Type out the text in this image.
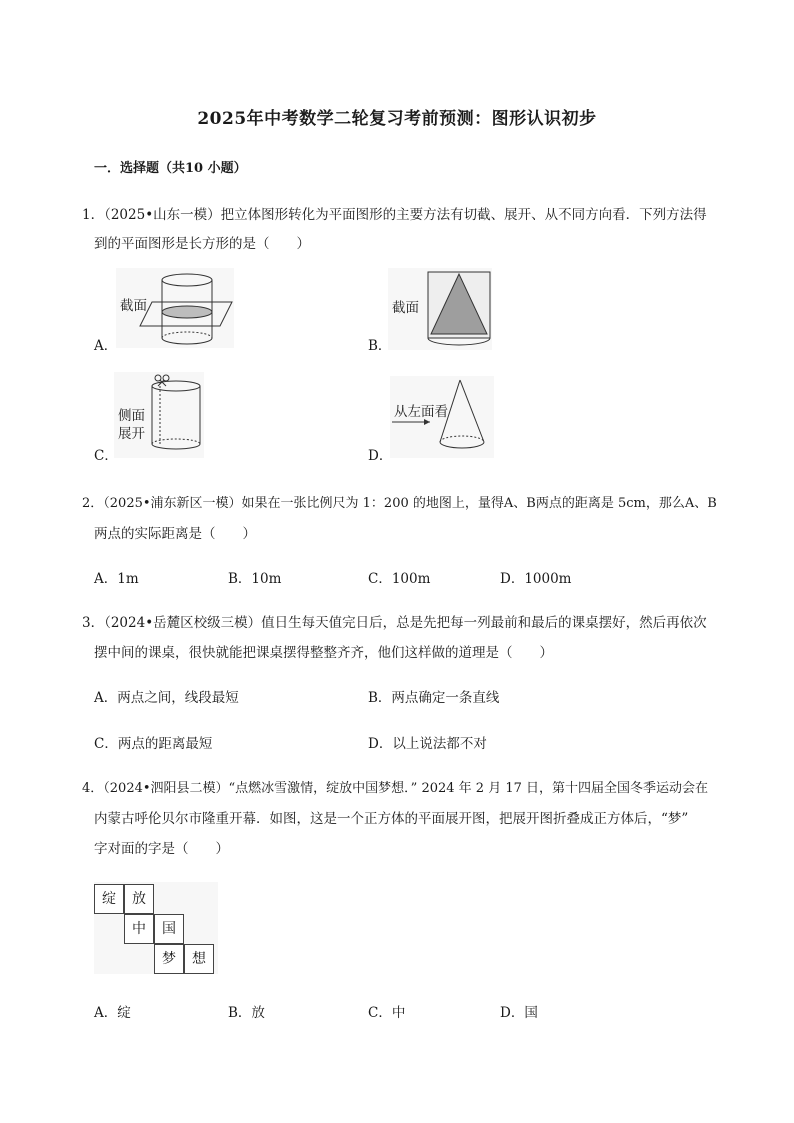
2025年中考数学二轮复习考前预测：图形认识初步
一．选择题（共10 小题）
1．（2025•山东一模）把立体图形转化为平面图形的主要方法有切截、展开、从不同方向看．下列方法得
到的平面图形是长方形的是（　　）
截面
A．
截面
B．
侧面
展开
C．
从左面看
D．
2．（2025•浦东新区一模）如果在一张比例尺为 1：200 的地图上，量得A、B两点的距离是 5cm，那么A、B
两点的实际距离是（　　）
A．1m	B．10m	C．100m	D．1000m
3．（2024•岳麓区校级三模）值日生每天值完日后，总是先把每一列最前和最后的课桌摆好，然后再依次
摆中间的课桌，很快就能把课桌摆得整整齐齐，他们这样做的道理是（　　）
A．两点之间，线段最短	B．两点确定一条直线
C．两点的距离最短	D．以上说法都不对
4．（2024•泗阳县二模）“点燃冰雪激情，绽放中国梦想．” 2024 年 2 月 17 日，第十四届全国冬季运动会在
内蒙古呼伦贝尔市隆重开幕．如图，这是一个正方体的平面展开图，把展开图折叠成正方体后，“梦”
字对面的字是（　　）
绽	放
中	国
梦	想
A．绽	B．放	C．中	D．国
